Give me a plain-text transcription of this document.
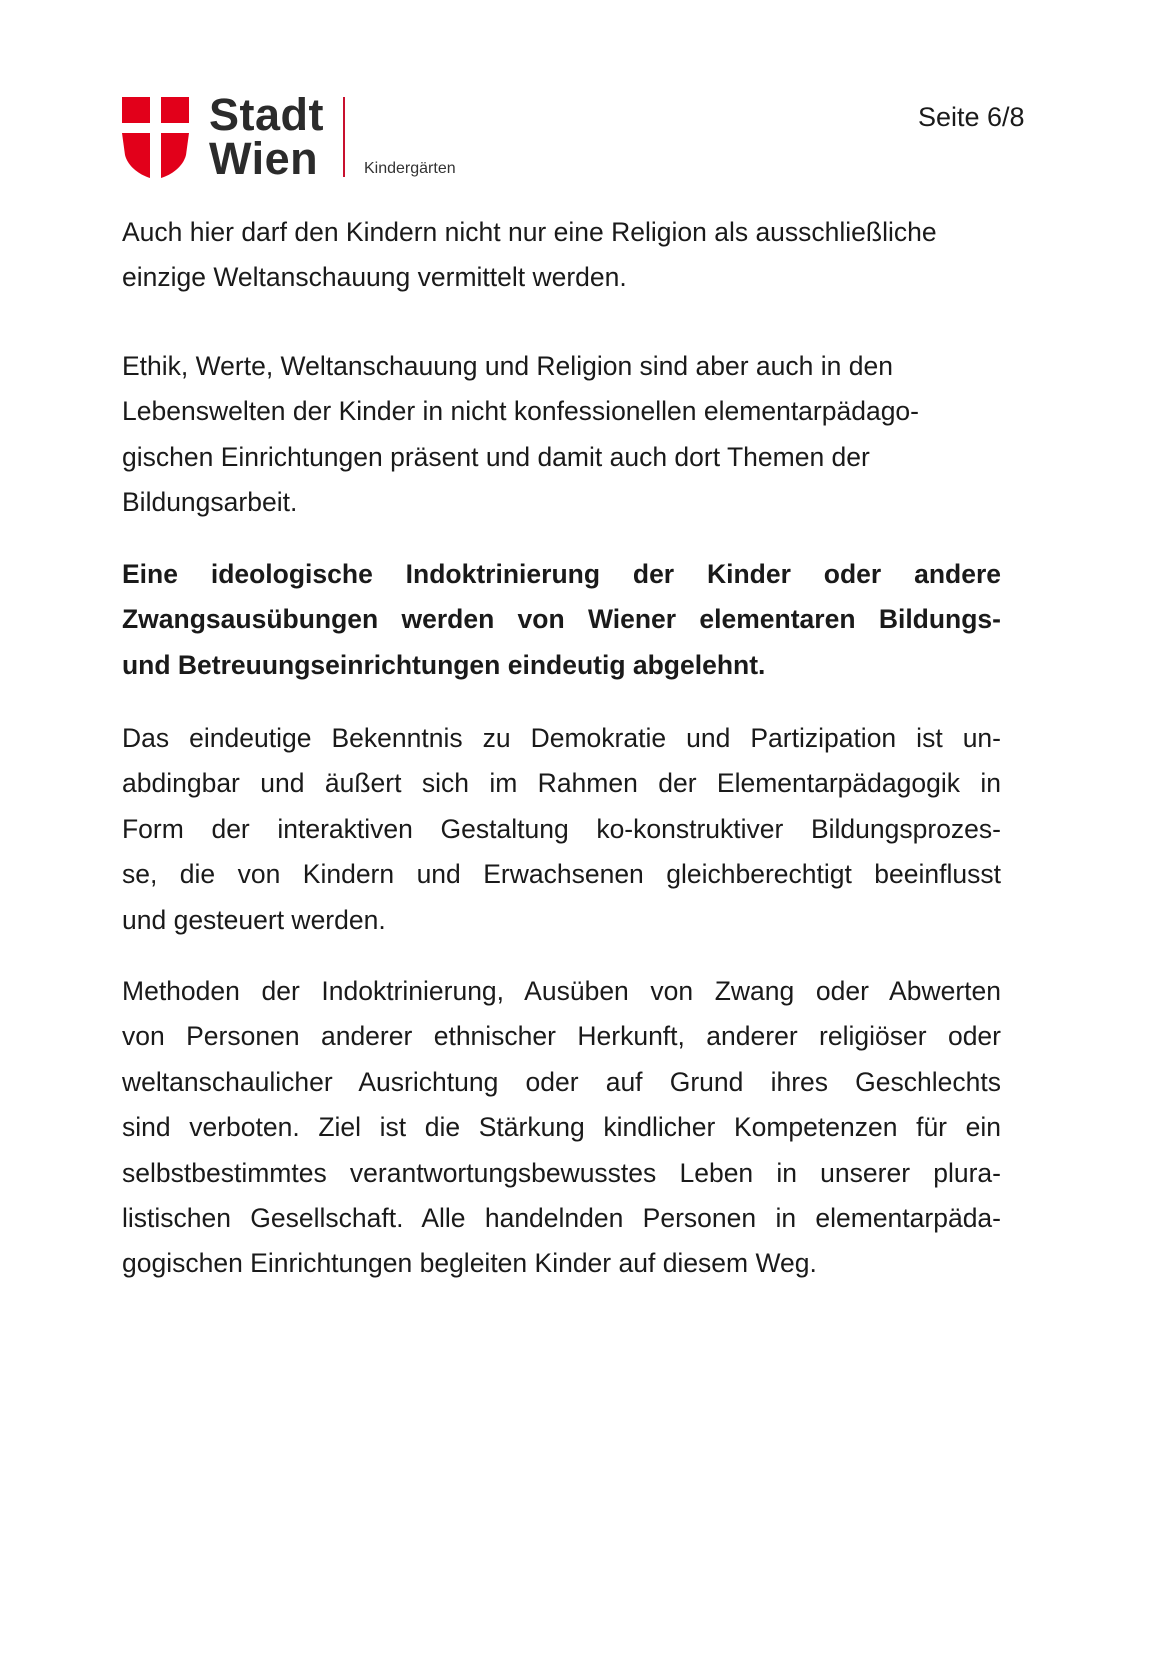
Stadt
Wien	Kindergärten
Seite 6/8
Auch hier darf den Kindern nicht nur eine Religion als ausschließliche
einzige Weltanschauung vermittelt werden.
Ethik, Werte, Weltanschauung und Religion sind aber auch in den
Lebenswelten der Kinder in nicht konfessionellen elementarpädago-
gischen Einrichtungen präsent und damit auch dort Themen der
Bildungsarbeit.
Eine ideologische Indoktrinierung der Kinder oder andere
Zwangsausübungen werden von Wiener elementaren Bildungs-
und Betreuungseinrichtungen eindeutig abgelehnt.
Das eindeutige Bekenntnis zu Demokratie und Partizipation ist un-
abdingbar und äußert sich im Rahmen der Elementarpädagogik in
Form der interaktiven Gestaltung ko-konstruktiver Bildungsprozes-
se, die von Kindern und Erwachsenen gleichberechtigt beeinflusst
und gesteuert werden.
Methoden der Indoktrinierung, Ausüben von Zwang oder Abwerten
von Personen anderer ethnischer Herkunft, anderer religiöser oder
weltanschaulicher Ausrichtung oder auf Grund ihres Geschlechts
sind verboten. Ziel ist die Stärkung kindlicher Kompetenzen für ein
selbstbestimmtes verantwortungsbewusstes Leben in unserer plura-
listischen Gesellschaft. Alle handelnden Personen in elementarpäda-
gogischen Einrichtungen begleiten Kinder auf diesem Weg.
